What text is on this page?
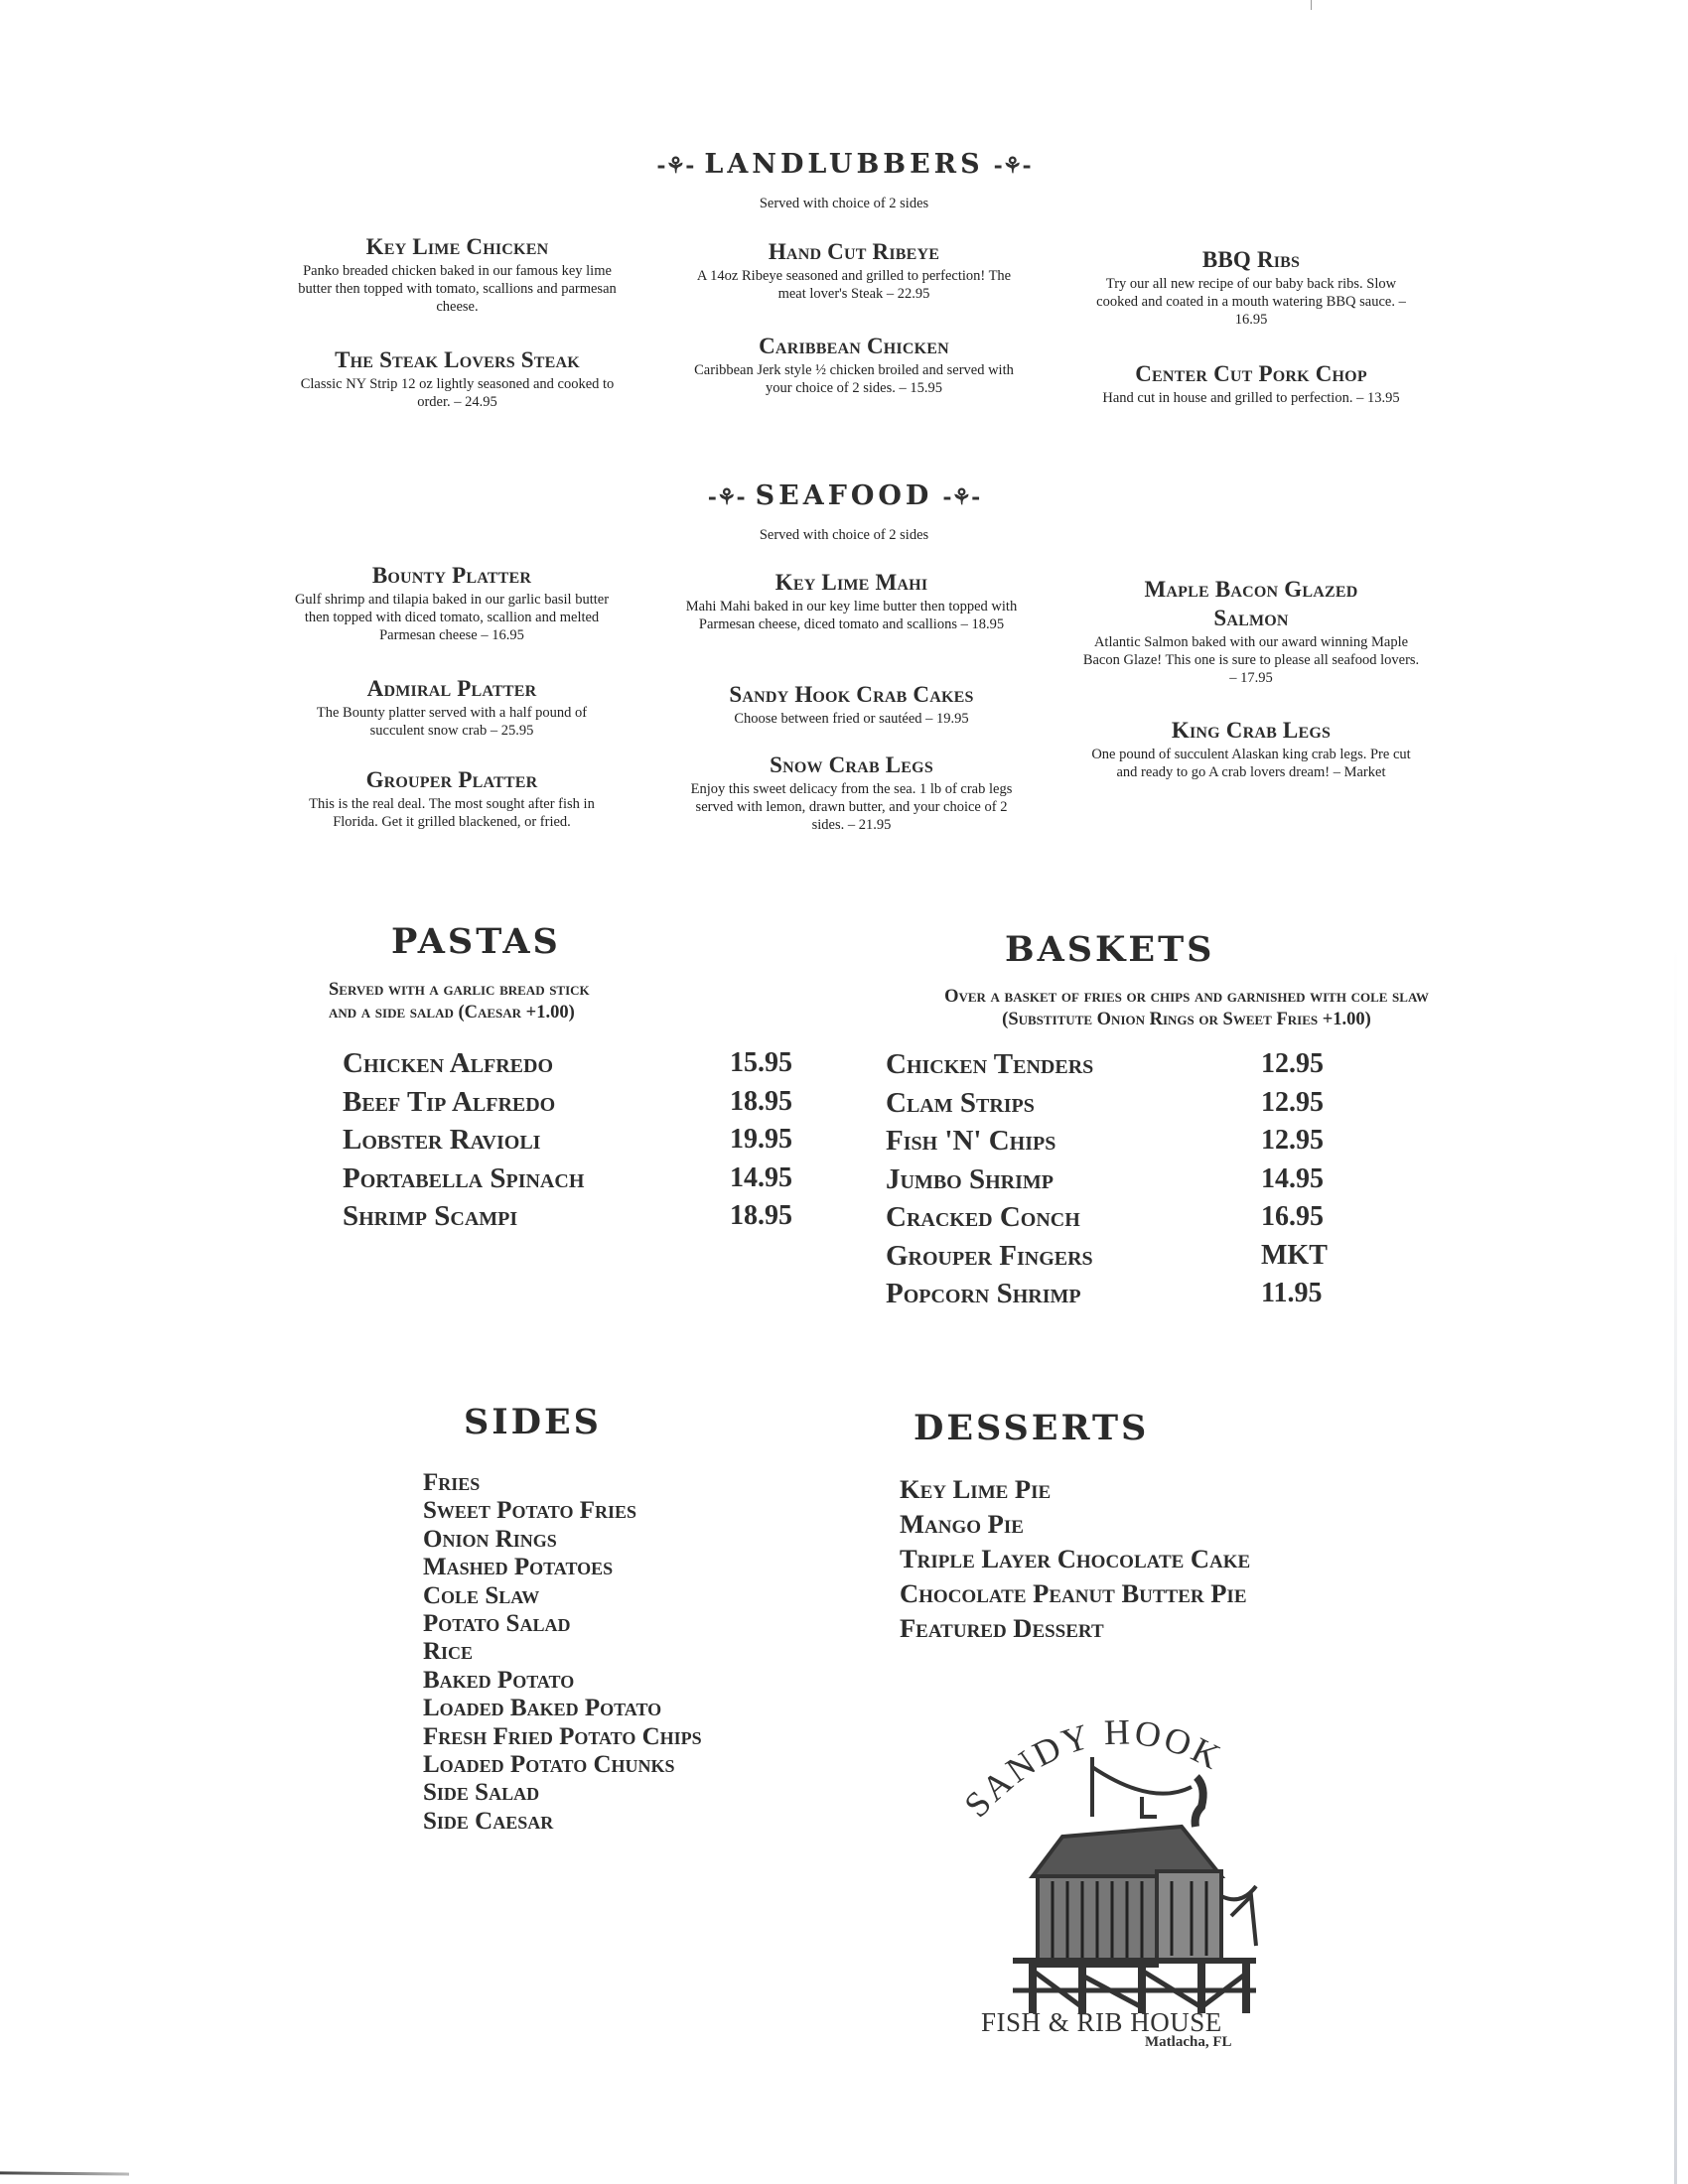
-⚘- LANDLUBBERS -⚘-
Served with choice of 2 sides
Key Lime Chicken
Panko breaded chicken baked in our famous key lime butter then topped with tomato, scallions and parmesan cheese.
The Steak Lovers Steak
Classic NY Strip 12 oz lightly seasoned and cooked to order. – 24.95
Hand Cut Ribeye
A 14oz Ribeye seasoned and grilled to perfection! The meat lover's Steak – 22.95
Caribbean Chicken
Caribbean Jerk style ½ chicken broiled and served with your choice of 2 sides. – 15.95
BBQ Ribs
Try our all new recipe of our baby back ribs. Slow cooked and coated in a mouth watering BBQ sauce. – 16.95
Center Cut Pork Chop
Hand cut in house and grilled to perfection. – 13.95
-⚘- SEAFOOD -⚘-
Served with choice of 2 sides
Bounty Platter
Gulf shrimp and tilapia baked in our garlic basil butter then topped with diced tomato, scallion and melted Parmesan cheese – 16.95
Admiral Platter
The Bounty platter served with a half pound of succulent snow crab – 25.95
Grouper Platter
This is the real deal. The most sought after fish in Florida. Get it grilled blackened, or fried.
Key Lime Mahi
Mahi Mahi baked in our key lime butter then topped with Parmesan cheese, diced tomato and scallions – 18.95
Sandy Hook Crab Cakes
Choose between fried or sautéed – 19.95
Snow Crab Legs
Enjoy this sweet delicacy from the sea. 1 lb of crab legs served with lemon, drawn butter, and your choice of 2 sides. – 21.95
Maple Bacon Glazed Salmon
Atlantic Salmon baked with our award winning Maple Bacon Glaze! This one is sure to please all seafood lovers. – 17.95
King Crab Legs
One pound of succulent Alaskan king crab legs. Pre cut and ready to go A crab lovers dream! – Market
PASTAS
Served with a garlic bread stick
and a side salad (Caesar +1.00)
Chicken Alfredo	15.95
Beef Tip Alfredo	18.95
Lobster Ravioli	19.95
Portabella Spinach	14.95
Shrimp Scampi	18.95
BASKETS
Over a basket of fries or chips and garnished with cole slaw
(Substitute Onion Rings or Sweet Fries +1.00)
Chicken Tenders	12.95
Clam Strips	12.95
Fish 'N' Chips	12.95
Jumbo Shrimp	14.95
Cracked Conch	16.95
Grouper Fingers	MKT
Popcorn Shrimp	11.95
SIDES
Fries
Sweet Potato Fries
Onion Rings
Mashed Potatoes
Cole Slaw
Potato Salad
Rice
Baked Potato
Loaded Baked Potato
Fresh Fried Potato Chips
Loaded Potato Chunks
Side Salad
Side Caesar
DESSERTS
Key Lime Pie
Mango Pie
Triple Layer Chocolate Cake
Chocolate Peanut Butter Pie
Featured Dessert
SANDY HOOK
FISH & RIB HOUSE
Matlacha, FL
